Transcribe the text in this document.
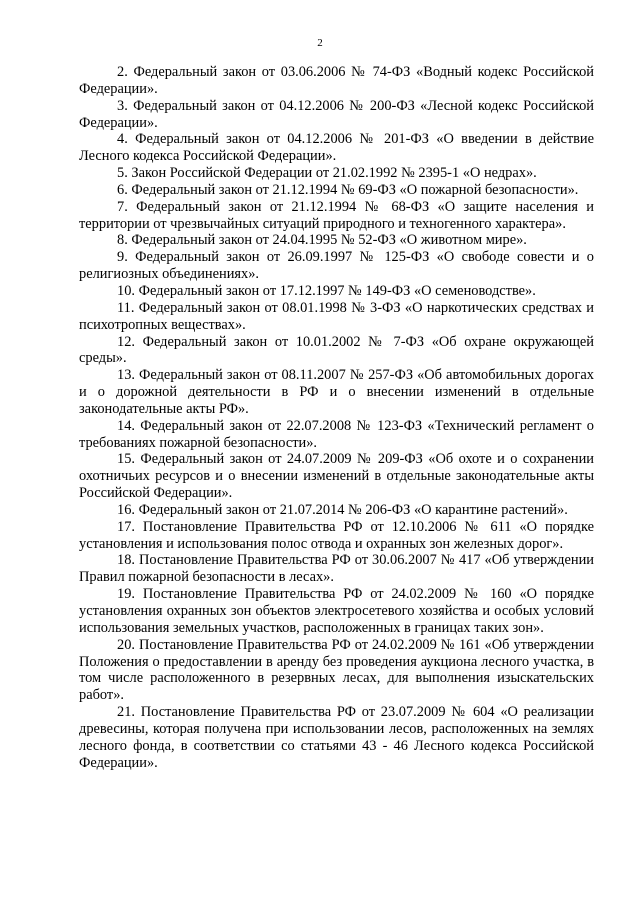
2

2. Федеральный закон от 03.06.2006 № 74-ФЗ «Водный кодекс Российской Федерации».

3. Федеральный закон от 04.12.2006 № 200-ФЗ «Лесной кодекс Российской Федерации».

4. Федеральный закон от 04.12.2006 № 201-ФЗ «О введении в действие Лесного кодекса Российской Федерации».

5. Закон Российской Федерации от 21.02.1992 № 2395-1 «О недрах».

6. Федеральный закон от 21.12.1994 № 69-ФЗ «О пожарной безопасности».

7. Федеральный закон от 21.12.1994 № 68-ФЗ «О защите населения и территории от чрезвычайных ситуаций природного и техногенного характера».

8. Федеральный закон от 24.04.1995 № 52-ФЗ «О животном мире».

9. Федеральный закон от 26.09.1997 № 125-ФЗ «О свободе совести и о религиозных объединениях».

10. Федеральный закон от 17.12.1997 № 149-ФЗ «О семеноводстве».

11. Федеральный закон от 08.01.1998 № 3-ФЗ «О наркотических средствах и психотропных веществах».

12. Федеральный закон от 10.01.2002 № 7-ФЗ «Об охране окружающей среды».

13. Федеральный закон от 08.11.2007 № 257-ФЗ «Об автомобильных дорогах и о дорожной деятельности в РФ и о внесении изменений в отдельные законодательные акты РФ».

14. Федеральный закон от 22.07.2008 № 123-ФЗ «Технический регламент о требованиях пожарной безопасности».

15. Федеральный закон от 24.07.2009 № 209-ФЗ «Об охоте и о сохранении охотничьих ресурсов и о внесении изменений в отдельные законодательные акты Российской Федерации».

16. Федеральный закон от 21.07.2014 № 206-ФЗ «О карантине растений».

17. Постановление Правительства РФ от 12.10.2006 № 611 «О порядке установления и использования полос отвода и охранных зон железных дорог».

18. Постановление Правительства РФ от 30.06.2007 № 417 «Об утверждении Правил пожарной безопасности в лесах».

19. Постановление Правительства РФ от 24.02.2009 № 160 «О порядке установления охранных зон объектов электросетевого хозяйства и особых условий использования земельных участков, расположенных в границах таких зон».

20. Постановление Правительства РФ от 24.02.2009 № 161 «Об утверждении Положения о предоставлении в аренду без проведения аукциона лесного участка, в том числе расположенного в резервных лесах, для выполнения изыскательских работ».

21. Постановление Правительства РФ от 23.07.2009 № 604 «О реализации древесины, которая получена при использовании лесов, расположенных на землях лесного фонда, в соответствии со статьями 43 - 46 Лесного кодекса Российской Федерации».
